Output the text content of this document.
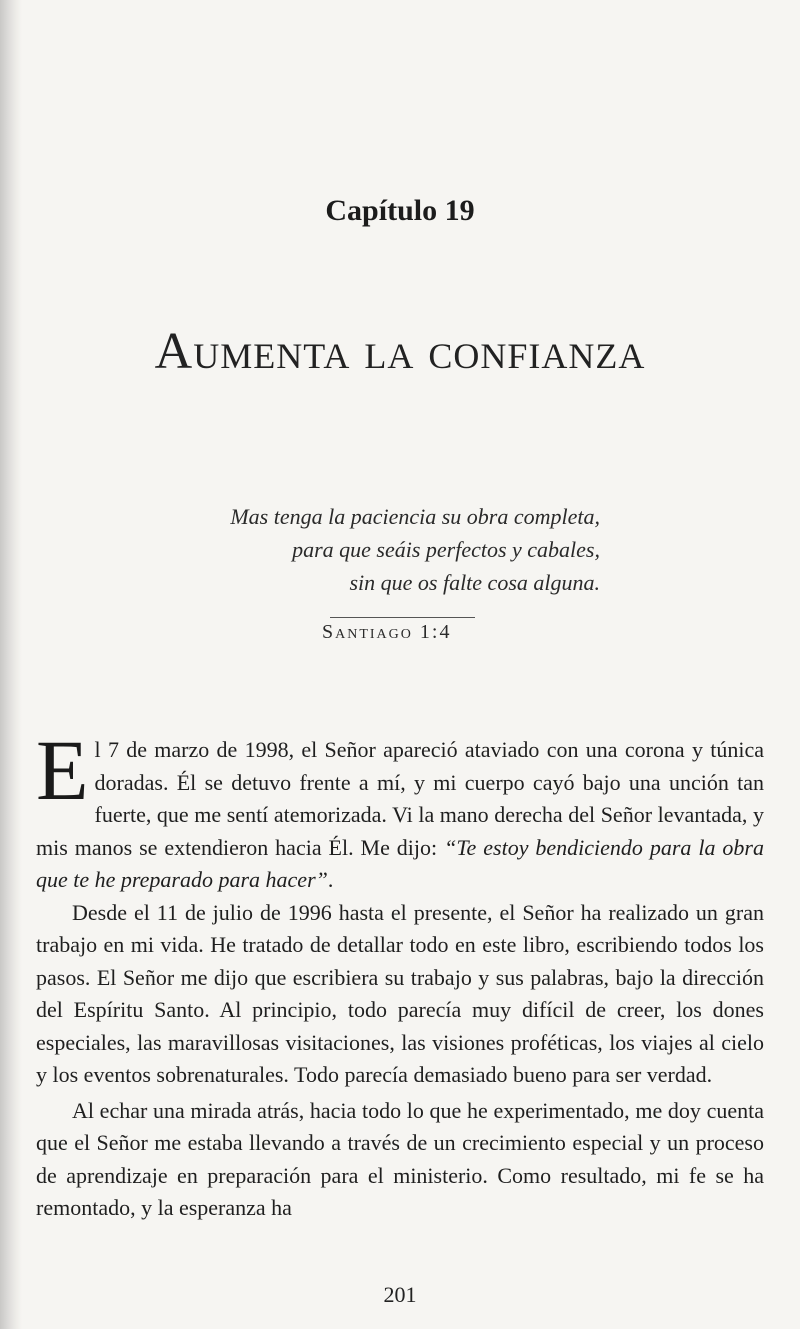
Capítulo 19
Aumenta la confianza
Mas tenga la paciencia su obra completa,
para que seáis perfectos y cabales,
sin que os falte cosa alguna.
Santiago 1:4

El 7 de marzo de 1998, el Señor apareció ataviado con una corona y túnica doradas. Él se detuvo frente a mí, y mi cuerpo cayó bajo una unción tan fuerte, que me sentí atemorizada. Vi la mano derecha del Señor levantada, y mis manos se extendieron hacia Él. Me dijo: “Te estoy bendiciendo para la obra que te he preparado para hacer”.

Desde el 11 de julio de 1996 hasta el presente, el Señor ha realizado un gran trabajo en mi vida. He tratado de detallar todo en este libro, escribiendo todos los pasos. El Señor me dijo que escribiera su trabajo y sus palabras, bajo la dirección del Espíritu Santo. Al principio, todo parecía muy difícil de creer, los dones especiales, las maravillosas visitaciones, las visiones proféticas, los viajes al cielo y los eventos sobrenaturales. Todo parecía demasiado bueno para ser verdad.

Al echar una mirada atrás, hacia todo lo que he experimentado, me doy cuenta que el Señor me estaba llevando a través de un crecimiento especial y un proceso de aprendizaje en preparación para el ministerio. Como resultado, mi fe se ha remontado, y la esperanza ha

201
